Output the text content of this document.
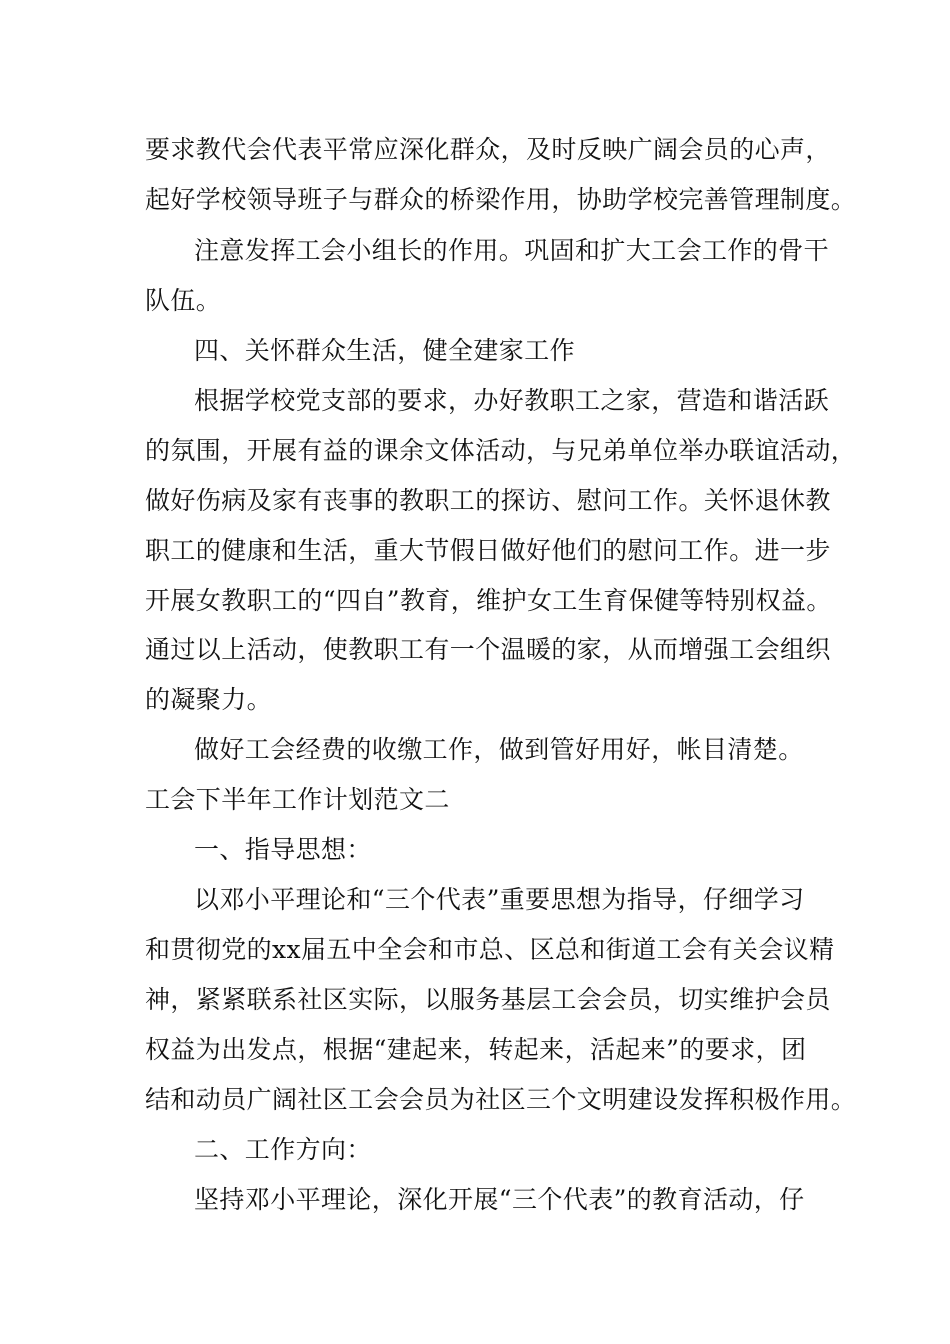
要求教代会代表平常应深化群众，及时反映广阔会员的心声，
起好学校领导班子与群众的桥梁作用，协助学校完善管理制度。
注意发挥工会小组长的作用。巩固和扩大工会工作的骨干
队伍。
四、关怀群众生活，健全建家工作
根据学校党支部的要求，办好教职工之家，营造和谐活跃
的氛围，开展有益的课余文体活动，与兄弟单位举办联谊活动，
做好伤病及家有丧事的教职工的探访、慰问工作。关怀退休教
职工的健康和生活，重大节假日做好他们的慰问工作。进一步
开展女教职工的“四自”教育，维护女工生育保健等特别权益。
通过以上活动，使教职工有一个温暖的家，从而增强工会组织
的凝聚力。
做好工会经费的收缴工作，做到管好用好，帐目清楚。
工会下半年工作计划范文二
一、指导思想：
以邓小平理论和“三个代表”重要思想为指导，仔细学习
和贯彻党的xx届五中全会和市总、区总和街道工会有关会议精
神，紧紧联系社区实际，以服务基层工会会员，切实维护会员
权益为出发点，根据“建起来，转起来，活起来”的要求，团
结和动员广阔社区工会会员为社区三个文明建设发挥积极作用。
二、工作方向：
坚持邓小平理论，深化开展“三个代表”的教育活动，仔
